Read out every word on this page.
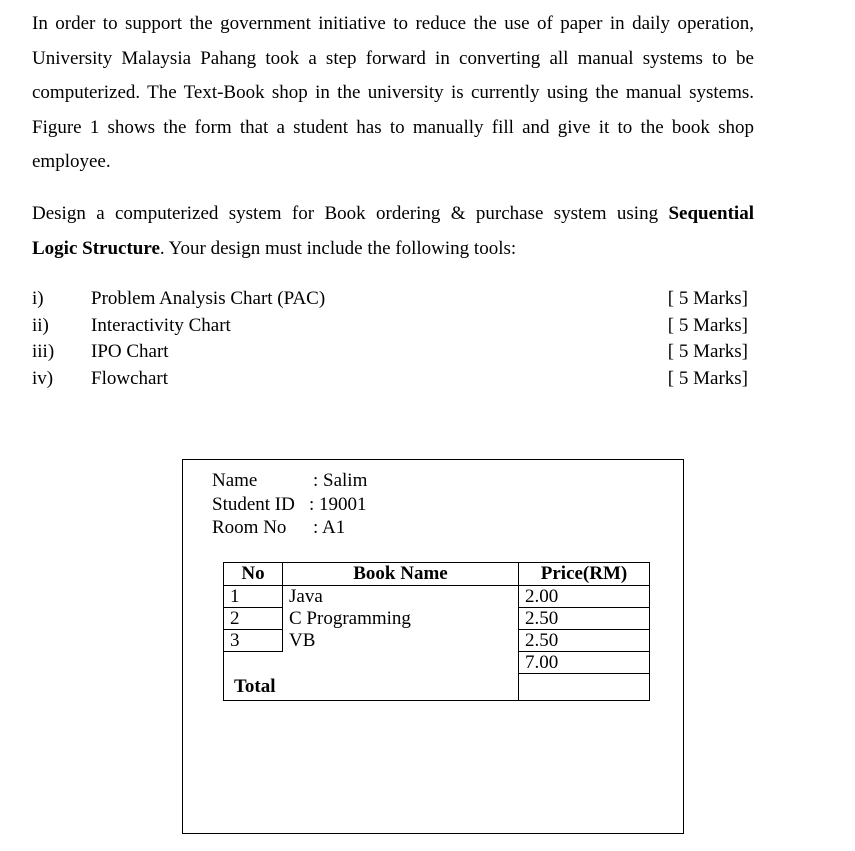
In order to support the government initiative to reduce the use of paper in daily operation,
University Malaysia Pahang took a step forward in converting all manual systems to be
computerized. The Text-Book shop in the university is currently using the manual systems.
Figure 1 shows the form that a student has to manually fill and give it to the book shop
employee.
Design a computerized system for Book ordering & purchase system using Sequential
Logic Structure. Your design must include the following tools:
i) Problem Analysis Chart (PAC)	[ 5 Marks]
ii) Interactivity Chart	[ 5 Marks]
iii) IPO Chart	[ 5 Marks]
iv) Flowchart	[ 5 Marks]
Name	: Salim
Student ID : 19001
Room No : A1
No	Book Name	Price(RM)
1	Java	2.00
2	C Programming	2.50
3	VB	2.50
Total		7.00
